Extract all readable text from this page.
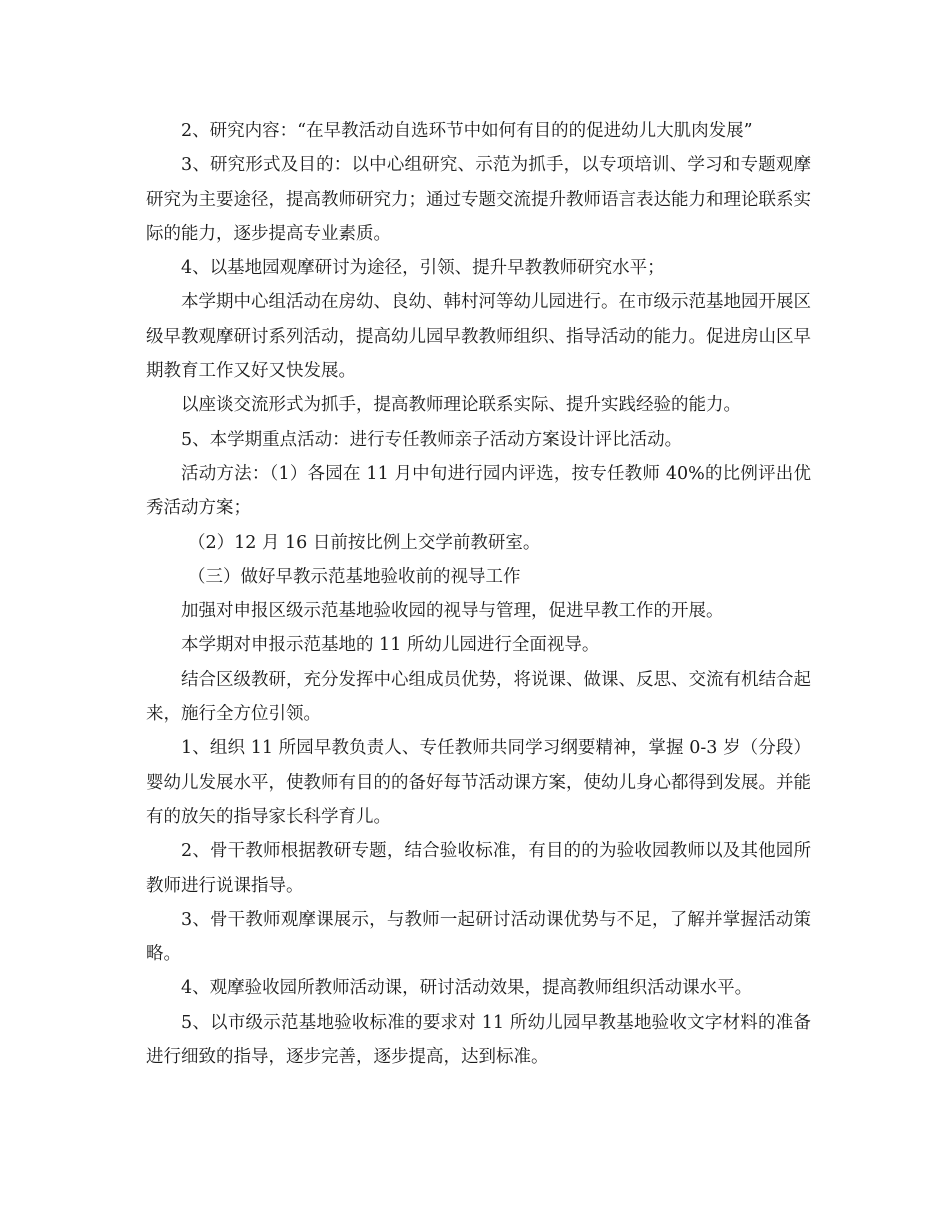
2、研究内容：“在早教活动自选环节中如何有目的的促进幼儿大肌肉发展”

3、研究形式及目的：以中心组研究、示范为抓手，以专项培训、学习和专题观摩研究为主要途径，提高教师研究力；通过专题交流提升教师语言表达能力和理论联系实际的能力，逐步提高专业素质。

4、以基地园观摩研讨为途径，引领、提升早教教师研究水平；

本学期中心组活动在房幼、良幼、韩村河等幼儿园进行。在市级示范基地园开展区级早教观摩研讨系列活动，提高幼儿园早教教师组织、指导活动的能力。促进房山区早期教育工作又好又快发展。

以座谈交流形式为抓手，提高教师理论联系实际、提升实践经验的能力。

5、本学期重点活动：进行专任教师亲子活动方案设计评比活动。

活动方法：（1）各园在 11 月中旬进行园内评选，按专任教师 40%的比例评出优秀活动方案；

（2）12 月 16 日前按比例上交学前教研室。

（三）做好早教示范基地验收前的视导工作

加强对申报区级示范基地验收园的视导与管理，促进早教工作的开展。

本学期对申报示范基地的 11 所幼儿园进行全面视导。

结合区级教研，充分发挥中心组成员优势，将说课、做课、反思、交流有机结合起来，施行全方位引领。

1、组织 11 所园早教负责人、专任教师共同学习纲要精神，掌握 0-3 岁（分段）婴幼儿发展水平，使教师有目的的备好每节活动课方案，使幼儿身心都得到发展。并能有的放矢的指导家长科学育儿。

2、骨干教师根据教研专题，结合验收标准，有目的的为验收园教师以及其他园所教师进行说课指导。

3、骨干教师观摩课展示，与教师一起研讨活动课优势与不足，了解并掌握活动策略。

4、观摩验收园所教师活动课，研讨活动效果，提高教师组织活动课水平。

5、以市级示范基地验收标准的要求对 11 所幼儿园早教基地验收文字材料的准备进行细致的指导，逐步完善，逐步提高，达到标准。
